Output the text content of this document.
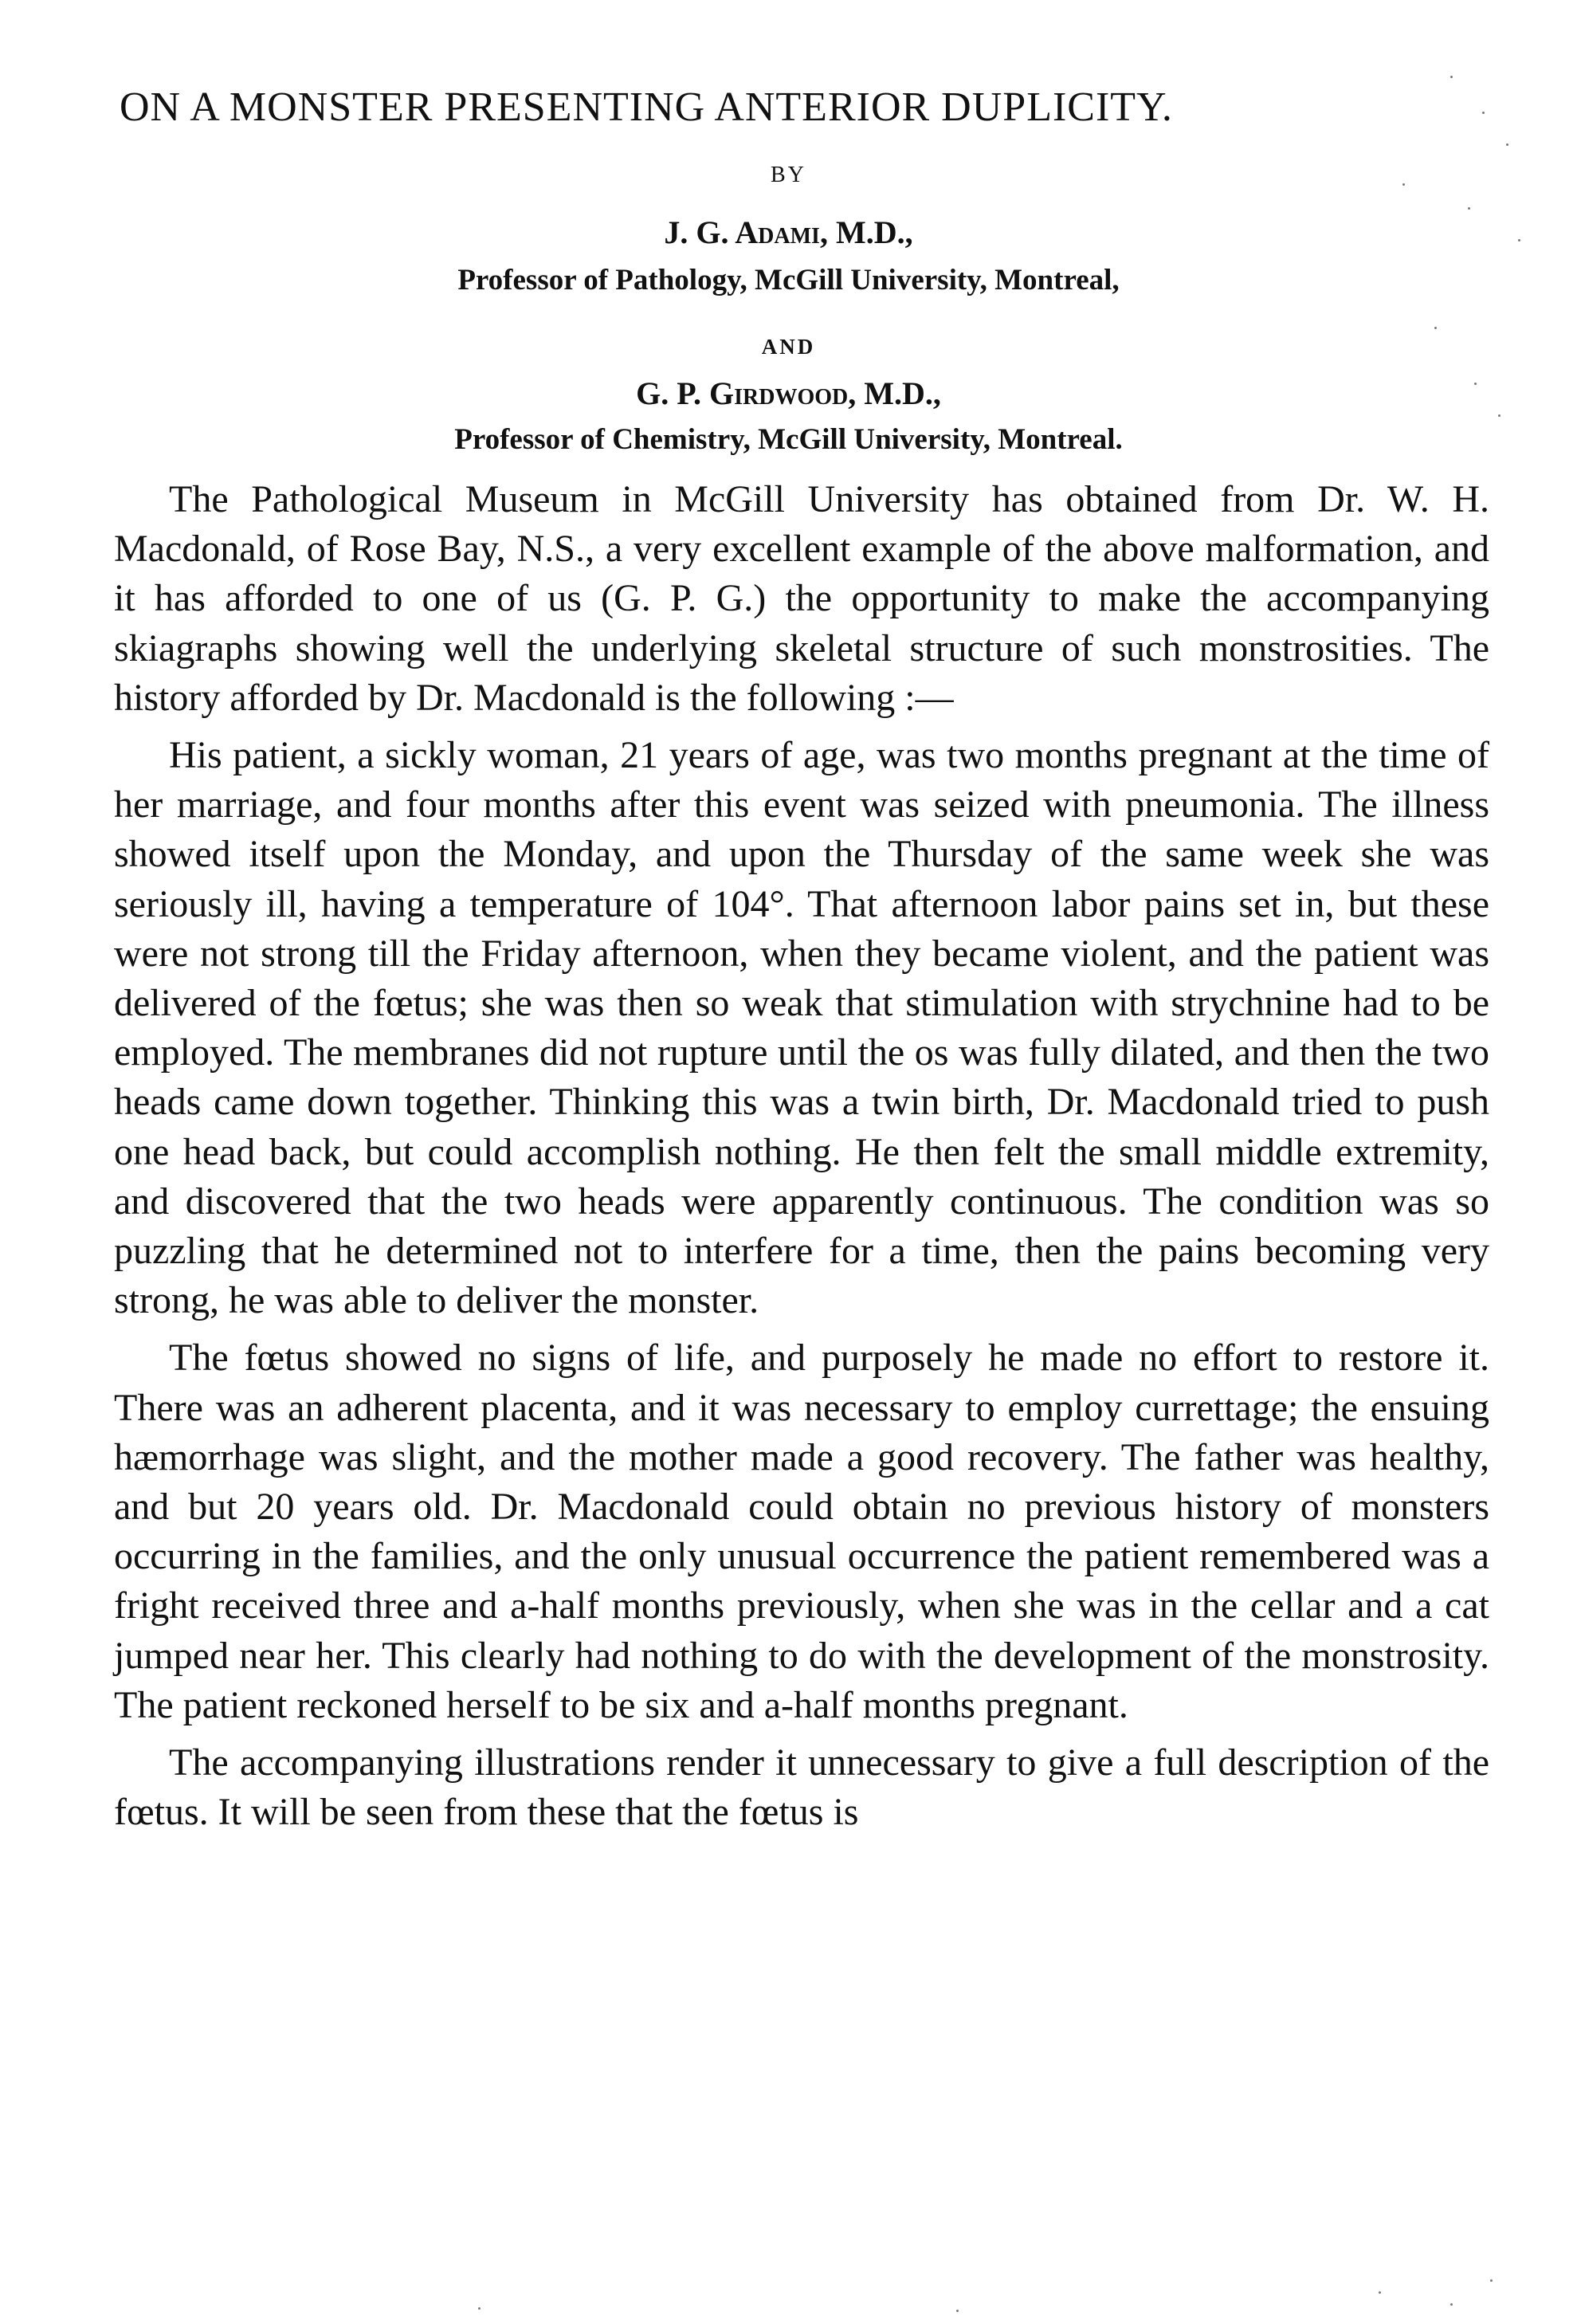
ON A MONSTER PRESENTING ANTERIOR DUPLICITY.
BY
J. G. Adami, M.D.,
Professor of Pathology, McGill University, Montreal,
AND
G. P. Girdwood, M.D.,
Professor of Chemistry, McGill University, Montreal.

The Pathological Museum in McGill University has obtained from Dr. W. H. Macdonald, of Rose Bay, N.S., a very excellent example of the above malformation, and it has afforded to one of us (G. P. G.) the opportunity to make the accompanying skiagraphs showing well the underlying skeletal structure of such monstrosities. The history afforded by Dr. Macdonald is the following :—

His patient, a sickly woman, 21 years of age, was two months pregnant at the time of her marriage, and four months after this event was seized with pneumonia. The illness showed itself upon the Monday, and upon the Thursday of the same week she was seriously ill, having a temperature of 104°. That afternoon labor pains set in, but these were not strong till the Friday afternoon, when they became violent, and the patient was delivered of the fœtus; she was then so weak that stimulation with strychnine had to be employed. The membranes did not rupture until the os was fully dilated, and then the two heads came down together. Thinking this was a twin birth, Dr. Macdonald tried to push one head back, but could accomplish nothing. He then felt the small middle extremity, and discovered that the two heads were apparently continuous. The condition was so puzzling that he determined not to interfere for a time, then the pains becoming very strong, he was able to deliver the monster.

The fœtus showed no signs of life, and purposely he made no effort to restore it. There was an adherent placenta, and it was necessary to employ currettage; the ensuing hæmorrhage was slight, and the mother made a good recovery. The father was healthy, and but 20 years old. Dr. Macdonald could obtain no previous history of monsters occurring in the families, and the only unusual occurrence the patient remembered was a fright received three and a-half months previously, when she was in the cellar and a cat jumped near her. This clearly had nothing to do with the development of the monstrosity. The patient reckoned herself to be six and a-half months pregnant.

The accompanying illustrations render it unnecessary to give a full description of the fœtus. It will be seen from these that the fœtus is
